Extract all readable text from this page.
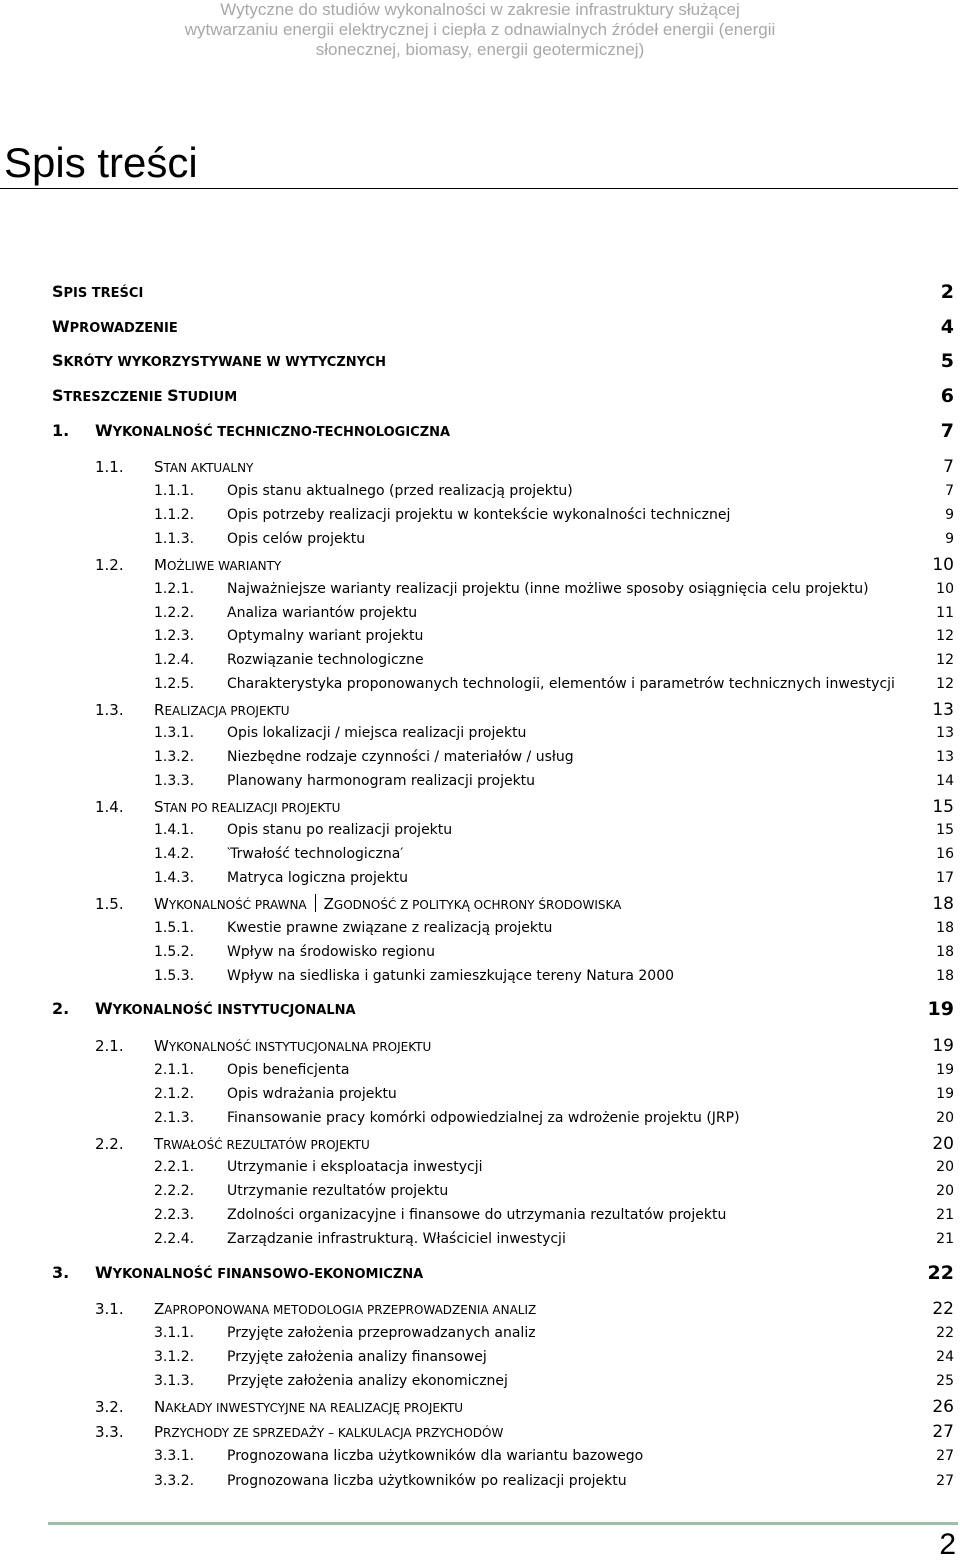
Wytyczne do studiów wykonalności w zakresie infrastruktury służącej
wytwarzaniu energii elektrycznej i ciepła z odnawialnych źródeł energii (energii
słonecznej, biomasy, energii geotermicznej)
Spis treści
SPIS TREŚCI	2
WPROWADZENIE	4
SKRÓTY WYKORZYSTYWANE W WYTYCZNYCH	5
STRESZCZENIE STUDIUM	6
1. WYKONALNOŚĆ TECHNICZNO-TECHNOLOGICZNA	7
1.1. STAN AKTUALNY	7
1.1.1. Opis stanu aktualnego (przed realizacją projektu)	7
1.1.2. Opis potrzeby realizacji projektu w kontekście wykonalności technicznej	9
1.1.3. Opis celów projektu	9
1.2. MOŻLIWE WARIANTY	10
1.2.1. Najważniejsze warianty realizacji projektu (inne możliwe sposoby osiągnięcia celu projektu)	10
1.2.2. Analiza wariantów projektu	11
1.2.3. Optymalny wariant projektu	12
1.2.4. Rozwiązanie technologiczne	12
1.2.5. Charakterystyka proponowanych technologii, elementów i parametrów technicznych inwestycji	12
1.3. REALIZACJA PROJEKTU	13
1.3.1. Opis lokalizacji / miejsca realizacji projektu	13
1.3.2. Niezbędne rodzaje czynności / materiałów / usług	13
1.3.3. Planowany harmonogram realizacji projektu	14
1.4. STAN PO REALIZACJI PROJEKTU	15
1.4.1. Opis stanu po realizacji projektu	15
1.4.2. ‵Trwałość technologiczna′	16
1.4.3. Matryca logiczna projektu	17
1.5. WYKONALNOŚĆ PRAWNA ZGODNOŚĆ Z POLITYKĄ OCHRONY ŚRODOWISKA	18
1.5.1. Kwestie prawne związane z realizacją projektu	18
1.5.2. Wpływ na środowisko regionu	18
1.5.3. Wpływ na siedliska i gatunki zamieszkujące tereny Natura 2000	18
2. WYKONALNOŚĆ INSTYTUCJONALNA	19
2.1. WYKONALNOŚĆ INSTYTUCJONALNA PROJEKTU	19
2.1.1. Opis beneficjenta	19
2.1.2. Opis wdrażania projektu	19
2.1.3. Finansowanie pracy komórki odpowiedzialnej za wdrożenie projektu (JRP)	20
2.2. TRWAŁOŚĆ REZULTATÓW PROJEKTU	20
2.2.1. Utrzymanie i eksploatacja inwestycji	20
2.2.2. Utrzymanie rezultatów projektu	20
2.2.3. Zdolności organizacyjne i finansowe do utrzymania rezultatów projektu	21
2.2.4. Zarządzanie infrastrukturą. Właściciel inwestycji	21
3. WYKONALNOŚĆ FINANSOWO-EKONOMICZNA	22
3.1. ZAPROPONOWANA METODOLOGIA PRZEPROWADZENIA ANALIZ	22
3.1.1. Przyjęte założenia przeprowadzanych analiz	22
3.1.2. Przyjęte założenia analizy finansowej	24
3.1.3. Przyjęte założenia analizy ekonomicznej	25
3.2. NAKŁADY INWESTYCYJNE NA REALIZACJĘ PROJEKTU	26
3.3. PRZYCHODY ZE SPRZEDAŻY – KALKULACJA PRZYCHODÓW	27
3.3.1. Prognozowana liczba użytkowników dla wariantu bazowego	27
3.3.2. Prognozowana liczba użytkowników po realizacji projektu	27
2
